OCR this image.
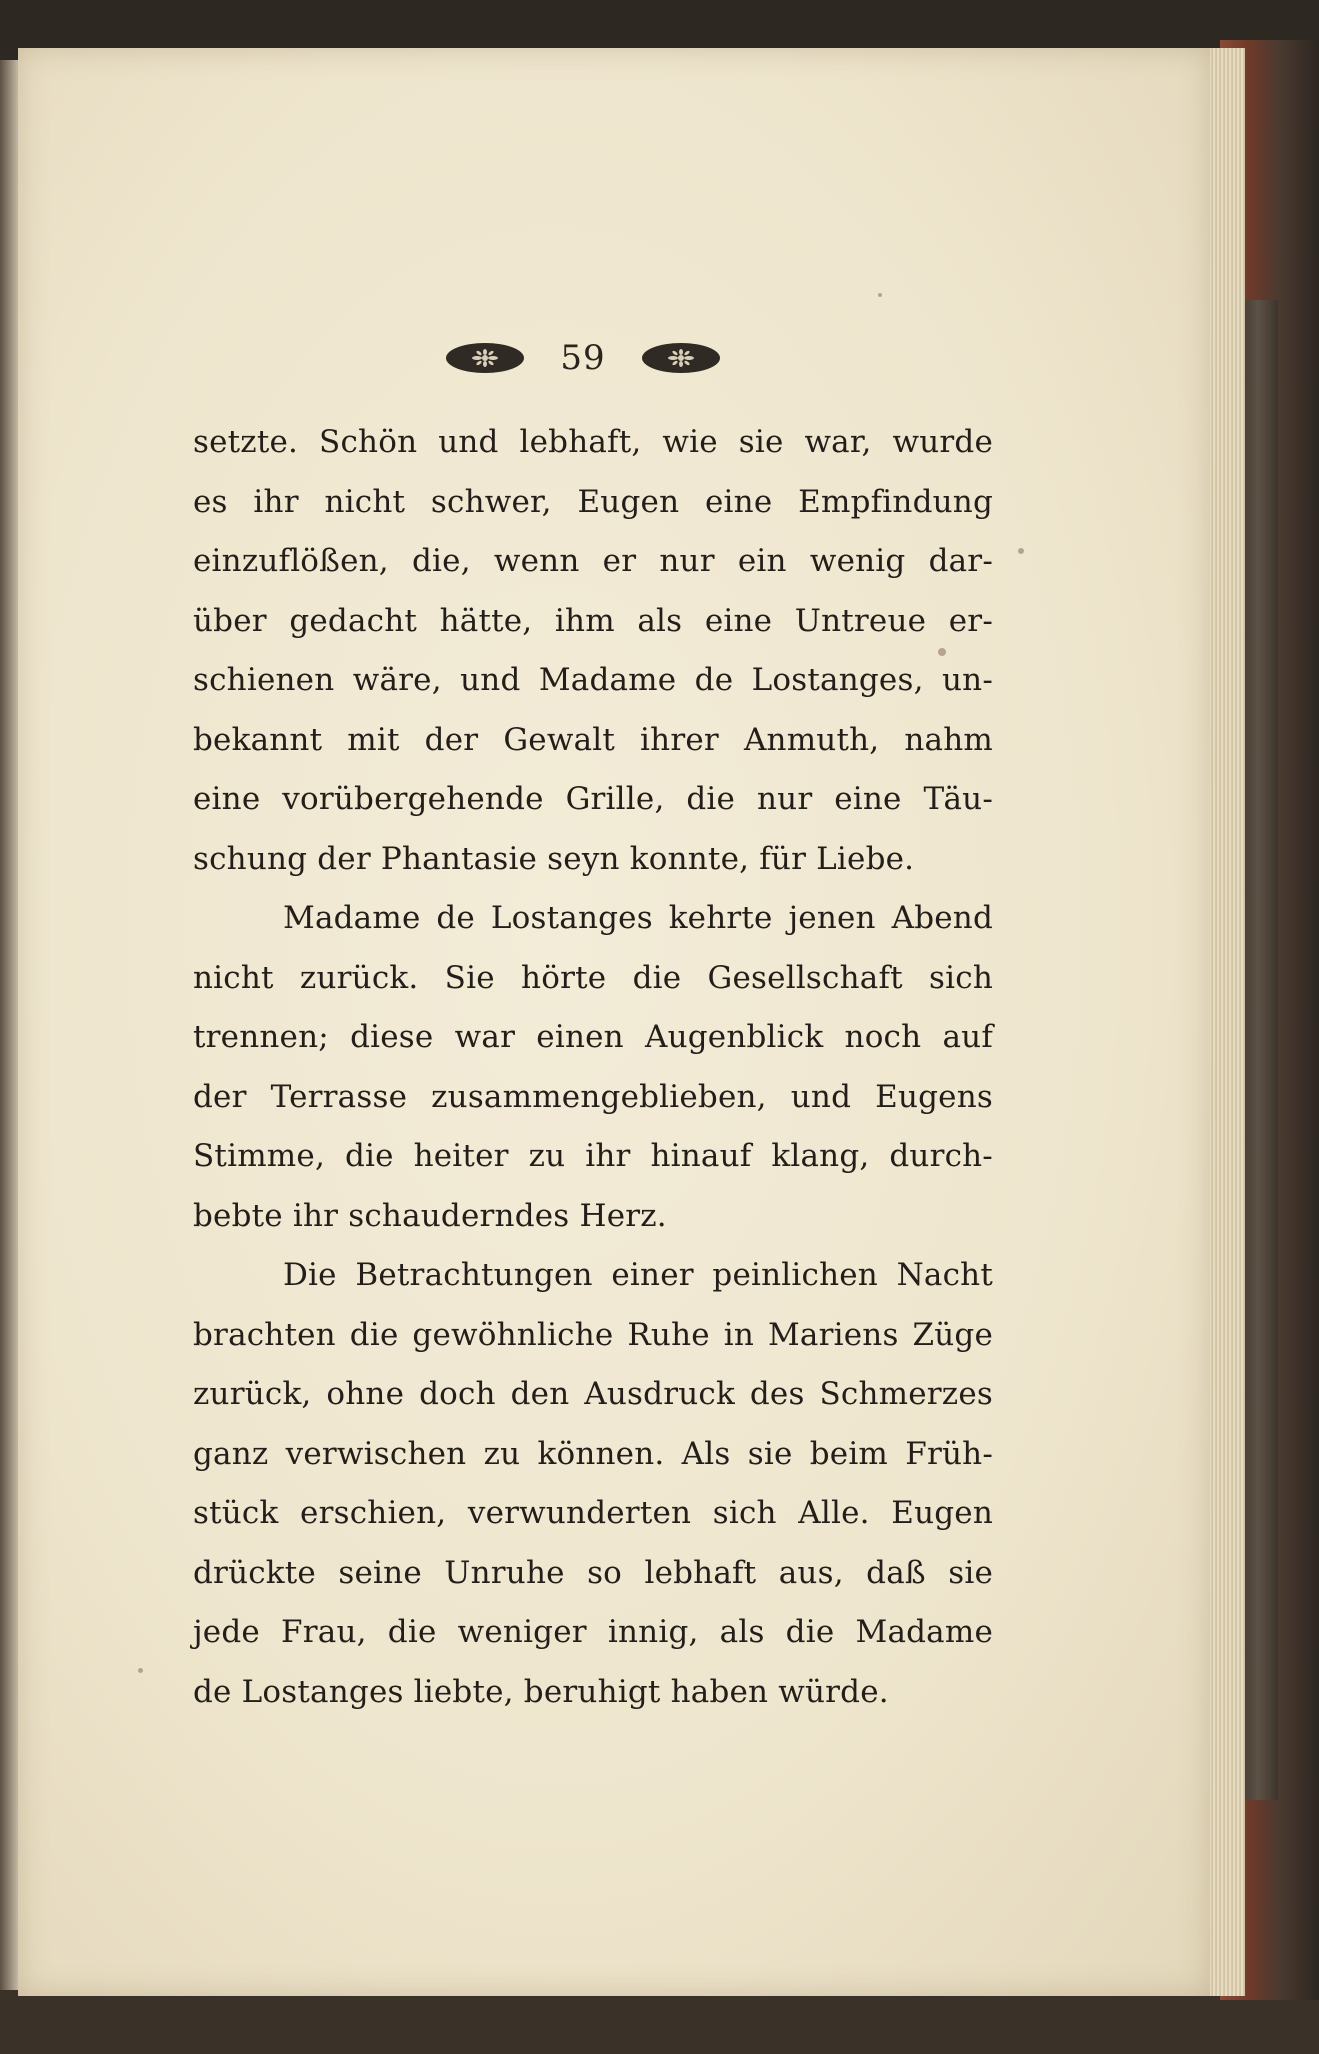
59
setzte. Schön und lebhaft, wie sie war, wurde
es ihr nicht schwer, Eugen eine Empfindung
einzuflößen, die, wenn er nur ein wenig dar-
über gedacht hätte, ihm als eine Untreue er-
schienen wäre, und Madame de Lostanges, un-
bekannt mit der Gewalt ihrer Anmuth, nahm
eine vorübergehende Grille, die nur eine Täu-
schung der Phantasie seyn konnte, für Liebe.
Madame de Lostanges kehrte jenen Abend
nicht zurück. Sie hörte die Gesellschaft sich
trennen; diese war einen Augenblick noch auf
der Terrasse zusammengeblieben, und Eugens
Stimme, die heiter zu ihr hinauf klang, durch-
bebte ihr schauderndes Herz.
Die Betrachtungen einer peinlichen Nacht
brachten die gewöhnliche Ruhe in Mariens Züge
zurück, ohne doch den Ausdruck des Schmerzes
ganz verwischen zu können. Als sie beim Früh-
stück erschien, verwunderten sich Alle. Eugen
drückte seine Unruhe so lebhaft aus, daß sie
jede Frau, die weniger innig, als die Madame
de Lostanges liebte, beruhigt haben würde.
